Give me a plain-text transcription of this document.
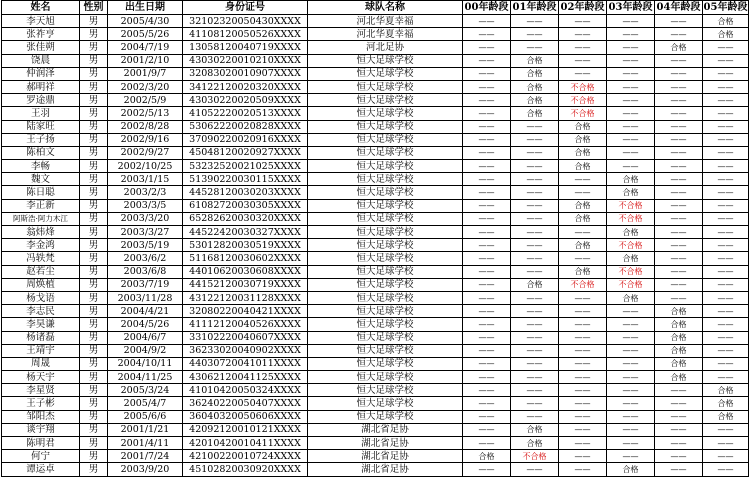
姓名	性别	出生日期	身份证号	球队名称	00年龄段	01年龄段	02年龄段	03年龄段	04年龄段	05年龄段
李天旭	男	2005/4/30	32102320050430XXXX	河北华夏幸福	——	——	——	——	——	合格
张祚亨	男	2005/5/26	41108120050526XXXX	河北华夏幸福	——	——	——	——	——	合格
张佳朔	男	2004/7/19	13058120040719XXXX	河北足协	——	——	——	——	合格	——
饶晨	男	2001/2/10	43030220010210XXXX	恒大足球学校	——	合格	——	——	——	——
仲润泽	男	2001/9/7	32083020010907XXXX	恒大足球学校	——	合格	——	——	——	——
郝明祥	男	2002/3/20	34122120020320XXXX	恒大足球学校	——	合格	不合格	——	——	——
罗途鼎	男	2002/5/9	43030220020509XXXX	恒大足球学校	——	合格	不合格	——	——	——
王羽	男	2002/5/13	41052220020513XXXX	恒大足球学校	——	合格	不合格	——	——	——
陆家旺	男	2002/8/28	53062220020828XXXX	恒大足球学校	——	——	合格	——	——	——
王子扬	男	2002/9/16	37090220020916XXXX	恒大足球学校	——	——	合格	——	——	——
陈柏文	男	2002/9/27	45048120020927XXXX	恒大足球学校	——	——	合格	——	——	——
李畅	男	2002/10/25	53232520021025XXXX	恒大足球学校	——	——	合格	——	——	——
魏文	男	2003/1/15	51390220030115XXXX	恒大足球学校	——	——	——	合格	——	——
陈日聪	男	2003/2/3	44528120030203XXXX	恒大足球学校	——	——	——	合格	——	——
李正新	男	2003/3/5	61082720030305XXXX	恒大足球学校	——	——	合格	不合格	——	——
阿斯浩·阿力木江	男	2003/3/20	65282620030320XXXX	恒大足球学校	——	——	合格	不合格	——	——
翁炜烽	男	2003/3/27	44522420030327XXXX	恒大足球学校	——	——	——	合格	——	——
李金鸿	男	2003/5/19	53012820030519XXXX	恒大足球学校	——	——	合格	不合格	——	——
冯轶梵	男	2003/6/2	51168120030602XXXX	恒大足球学校	——	——	——	合格	——	——
赵若尘	男	2003/6/8	44010620030608XXXX	恒大足球学校	——	——	合格	不合格	——	——
周焕植	男	2003/7/19	44152120030719XXXX	恒大足球学校	——	合格	不合格	不合格	——	——
杨戈语	男	2003/11/28	43122120031128XXXX	恒大足球学校	——	——	——	合格	——	——
李志民	男	2004/4/21	32080220040421XXXX	恒大足球学校	——	——	——	——	合格	——
李昊谦	男	2004/5/26	41112120040526XXXX	恒大足球学校	——	——	——	——	合格	——
杨诸磊	男	2004/6/7	33102220040607XXXX	恒大足球学校	——	——	——	——	合格	——
王靖宇	男	2004/9/2	36233020040902XXXX	恒大足球学校	——	——	——	——	合格	——
周晟	男	2004/10/11	44030720041011XXXX	恒大足球学校	——	——	——	——	合格	——
杨天宇	男	2004/11/25	43062120041125XXXX	恒大足球学校	——	——	——	——	合格	——
李星贤	男	2005/3/24	41010420050324XXXX	恒大足球学校	——	——	——	——	——	合格
王子彬	男	2005/4/7	36240220050407XXXX	恒大足球学校	——	——	——	——	——	合格
邹阳杰	男	2005/6/6	36040320050606XXXX	恒大足球学校	——	——	——	——	——	合格
谈宇翔	男	2001/1/21	42092120010121XXXX	湖北省足协	——	合格	——	——	——	——
陈明君	男	2001/4/11	42010420010411XXXX	湖北省足协	——	合格	——	——	——	——
何宁	男	2001/7/24	42100220010724XXXX	湖北省足协	合格	不合格	——	——	——	——
谭运卓	男	2003/9/20	45102820030920XXXX	湖北省足协	——	——	——	合格	——	——
